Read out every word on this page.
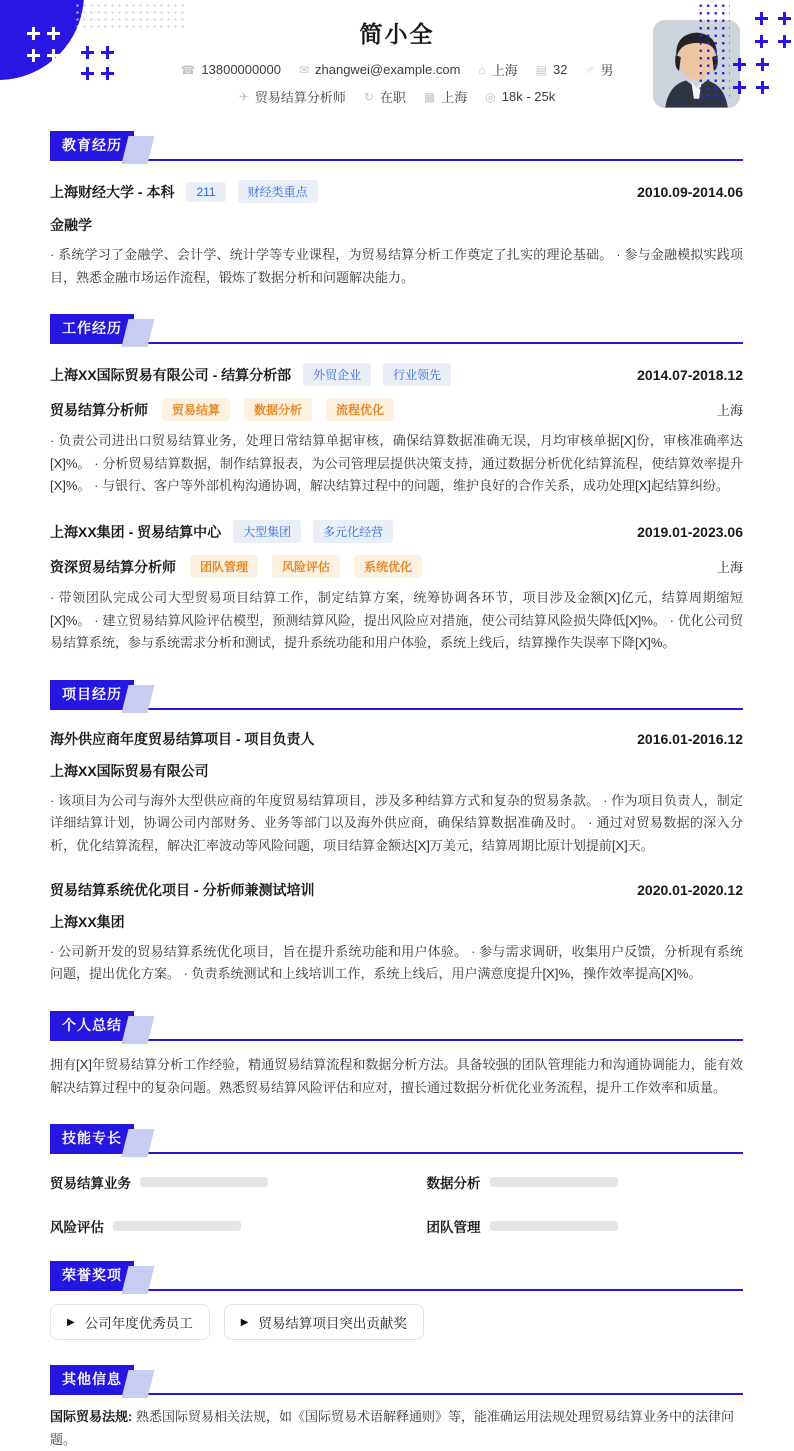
简小全
☎ 13800000000 ✉ zhangwei@example.com ⌂ 上海 ▤ 32 ♂ 男
✈ 贸易结算分析师 ↻ 在职 ▦ 上海 ◎ 18k - 25k
教育经历
上海财经大学 - 本科	211	财经类重点	2010.09-2014.06
金融学
· 系统学习了金融学、会计学、统计学等专业课程，为贸易结算分析工作奠定了扎实的理论基础。 · 参与金融模拟实践项目，熟悉金融市场运作流程，锻炼了数据分析和问题解决能力。
工作经历
上海XX国际贸易有限公司 - 结算分析部	外贸企业	行业领先	2014.07-2018.12
贸易结算分析师	贸易结算	数据分析	流程优化	上海
· 负责公司进出口贸易结算业务，处理日常结算单据审核，确保结算数据准确无误，月均审核单据[X]份，审核准确率达[X]%。 · 分析贸易结算数据，制作结算报表，为公司管理层提供决策支持，通过数据分析优化结算流程，使结算效率提升[X]%。 · 与银行、客户等外部机构沟通协调，解决结算过程中的问题，维护良好的合作关系，成功处理[X]起结算纠纷。
上海XX集团 - 贸易结算中心	大型集团	多元化经营	2019.01-2023.06
资深贸易结算分析师	团队管理	风险评估	系统优化	上海
· 带领团队完成公司大型贸易项目结算工作，制定结算方案，统筹协调各环节，项目涉及金额[X]亿元，结算周期缩短[X]%。 · 建立贸易结算风险评估模型，预测结算风险，提出风险应对措施，使公司结算风险损失降低[X]%。 · 优化公司贸易结算系统，参与系统需求分析和测试，提升系统功能和用户体验，系统上线后，结算操作失误率下降[X]%。
项目经历
海外供应商年度贸易结算项目 - 项目负责人	2016.01-2016.12
上海XX国际贸易有限公司
· 该项目为公司与海外大型供应商的年度贸易结算项目，涉及多种结算方式和复杂的贸易条款。 · 作为项目负责人，制定详细结算计划，协调公司内部财务、业务等部门以及海外供应商，确保结算数据准确及时。 · 通过对贸易数据的深入分析，优化结算流程，解决汇率波动等风险问题，项目结算金额达[X]万美元，结算周期比原计划提前[X]天。
贸易结算系统优化项目 - 分析师兼测试培训	2020.01-2020.12
上海XX集团
· 公司新开发的贸易结算系统优化项目，旨在提升系统功能和用户体验。 · 参与需求调研，收集用户反馈，分析现有系统问题，提出优化方案。 · 负责系统测试和上线培训工作，系统上线后，用户满意度提升[X]%，操作效率提高[X]%。
个人总结
拥有[X]年贸易结算分析工作经验，精通贸易结算流程和数据分析方法。具备较强的团队管理能力和沟通协调能力，能有效解决结算过程中的复杂问题。熟悉贸易结算风险评估和应对，擅长通过数据分析优化业务流程，提升工作效率和质量。
技能专长
贸易结算业务	数据分析
风险评估	团队管理
荣誉奖项
▶ 公司年度优秀员工	▶ 贸易结算项目突出贡献奖
其他信息
国际贸易法规: 熟悉国际贸易相关法规，如《国际贸易术语解释通则》等，能准确运用法规处理贸易结算业务中的法律问题。
